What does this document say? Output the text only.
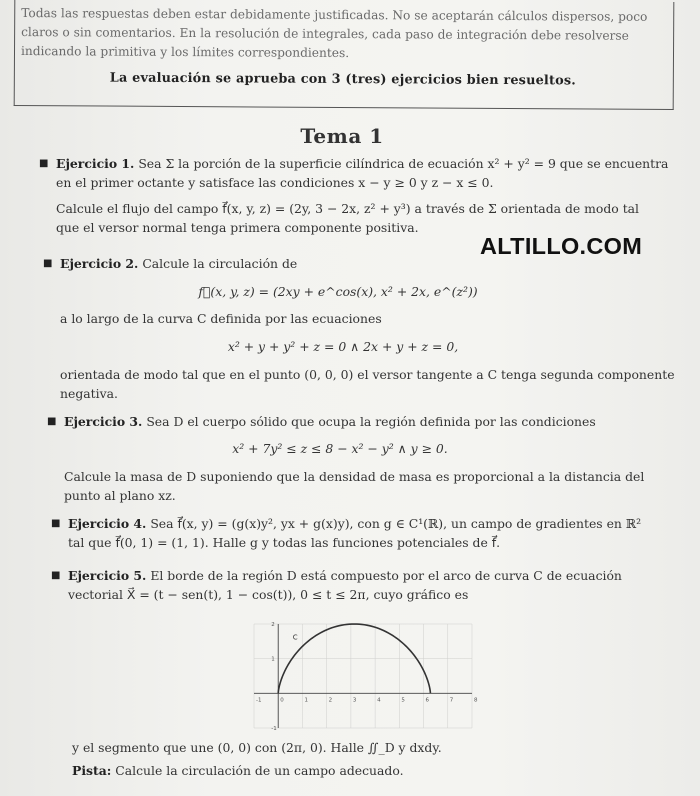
Todas las respuestas deben estar debidamente justificadas. No se aceptarán cálculos dispersos, poco claros o sin comentarios. En la resolución de integrales, cada paso de integración debe resolverse indicando la primitiva y los límites correspondientes.
La evaluación se aprueba con 3 (tres) ejercicios bien resueltos.
Tema 1
ALTILLO.COM
■ Ejercicio 1. Sea Σ la porción de la superficie cilíndrica de ecuación x² + y² = 9 que se encuentra

en el primer octante y satisface las condiciones x − y ≥ 0 y z − x ≤ 0.

Calcule el flujo del campo f⃗(x, y, z) = (2y, 3 − 2x, z² + y³) a través de Σ orientada de modo tal

que el versor normal tenga primera componente positiva.

■ Ejercicio 2. Calcule la circulación de

f⃗(x, y, z) = (2xy + e^cos(x), x² + 2x, e^(z²))

a lo largo de la curva C definida por las ecuaciones

x² + y + y² + z = 0 ∧ 2x + y + z = 0,

orientada de modo tal que en el punto (0, 0, 0) el versor tangente a C tenga segunda componente

negativa.

■ Ejercicio 3. Sea D el cuerpo sólido que ocupa la región definida por las condiciones

x² + 7y² ≤ z ≤ 8 − x² − y² ∧ y ≥ 0.

Calcule la masa de D suponiendo que la densidad de masa es proporcional a la distancia del

punto al plano xz.

■ Ejercicio 4. Sea f⃗(x, y) = (g(x)y², yx + g(x)y), con g ∈ C¹(ℝ), un campo de gradientes en ℝ²

tal que f⃗(0, 1) = (1, 1). Halle g y todas las funciones potenciales de f⃗.

■ Ejercicio 5. El borde de la región D está compuesto por el arco de curva C de ecuación

vectorial X⃗ = (t − sen(t), 1 − cos(t)), 0 ≤ t ≤ 2π, cuyo gráfico es

-1	0	1	2	3	4	5	6	7	8
2
1
-1
C

y el segmento que une (0, 0) con (2π, 0). Halle ∬_D y dxdy.

Pista: Calcule la circulación de un campo adecuado.
